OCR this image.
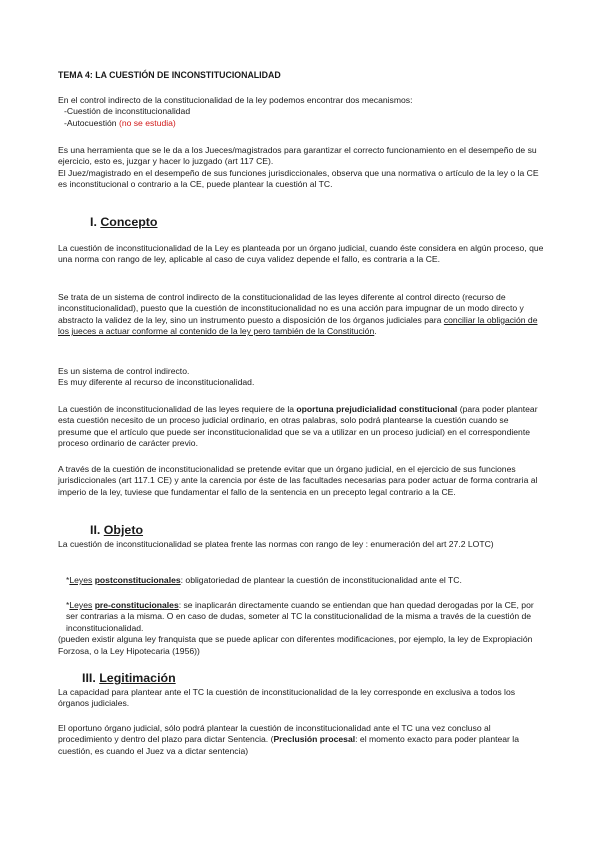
TEMA 4: LA CUESTIÓN DE INCONSTITUCIONALIDAD

En el control indirecto de la constitucionalidad de la ley podemos encontrar dos mecanismos:

-Cuestión de inconstitucionalidad

-Autocuestión (no se estudia)

Es una herramienta que se le da a los Jueces/magistrados para garantizar el correcto funcionamiento en el desempeño de su ejercicio, esto es, juzgar y hacer lo juzgado (art 117 CE).

El Juez/magistrado en el desempeño de sus funciones jurisdiccionales, observa que una normativa o artículo de la ley o la CE es inconstitucional o contrario a la CE, puede plantear la cuestión al TC.

I. Concepto
La cuestión de inconstitucionalidad de la Ley es planteada por un órgano judicial, cuando éste considera en algún proceso, que una norma con rango de ley, aplicable al caso de cuya validez depende el fallo, es contraria a la CE.
Se trata de un sistema de control indirecto de la constitucionalidad de las leyes diferente al control directo (recurso de inconstitucionalidad), puesto que la cuestión de inconstitucionalidad no es una acción para impugnar de un modo directo y abstracto la validez de la ley, sino un instrumento puesto a disposición de los órganos judiciales para conciliar la obligación de los jueces a actuar conforme al contenido de la ley pero también de la Constitución.

Es un sistema de control indirecto.

Es muy diferente al recurso de inconstitucionalidad.

La cuestión de inconstitucionalidad de las leyes requiere de la oportuna prejudicialidad constitucional (para poder plantear esta cuestión necesito de un proceso judicial ordinario, en otras palabras, solo podrá plantearse la cuestión cuando se presume que el artículo que puede ser inconstitucionalidad que se va a utilizar en un proceso judicial) en el correspondiente proceso ordinario de carácter previo.
A través de la cuestión de inconstitucionalidad se pretende evitar que un órgano judicial, en el ejercicio de sus funciones jurisdiccionales (art 117.1 CE) y ante la carencia por éste de las facultades necesarias para poder actuar de forma contraria al imperio de la ley, tuviese que fundamentar el fallo de la sentencia en un precepto legal contrario a la CE.
II. Objeto
La cuestión de inconstitucionalidad se platea frente las normas con rango de ley : enumeración del art 27.2 LOTC)
*Leyes postconstitucionales: obligatoriedad de plantear la cuestión de inconstitucionalidad ante el TC.

*Leyes pre-constitucionales: se inaplicarán directamente cuando se entiendan que han quedad derogadas por la CE, por ser contrarias a la misma. O en caso de dudas, someter al TC la constitucionalidad de la misma a través de la cuestión de inconstitucionalidad.

(pueden existir alguna ley franquista que se puede aplicar con diferentes modificaciones, por ejemplo, la ley de Expropiación Forzosa, o la Ley Hipotecaria (1956))

III. Legitimación
La capacidad para plantear ante el TC la cuestión de inconstitucionalidad de la ley corresponde en exclusiva a todos los órganos judiciales.
El oportuno órgano judicial, sólo podrá plantear la cuestión de inconstitucionalidad ante el TC una vez concluso al procedimiento y dentro del plazo para dictar Sentencia. (Preclusión procesal: el momento exacto para poder plantear la cuestión, es cuando el Juez va a dictar sentencia)
